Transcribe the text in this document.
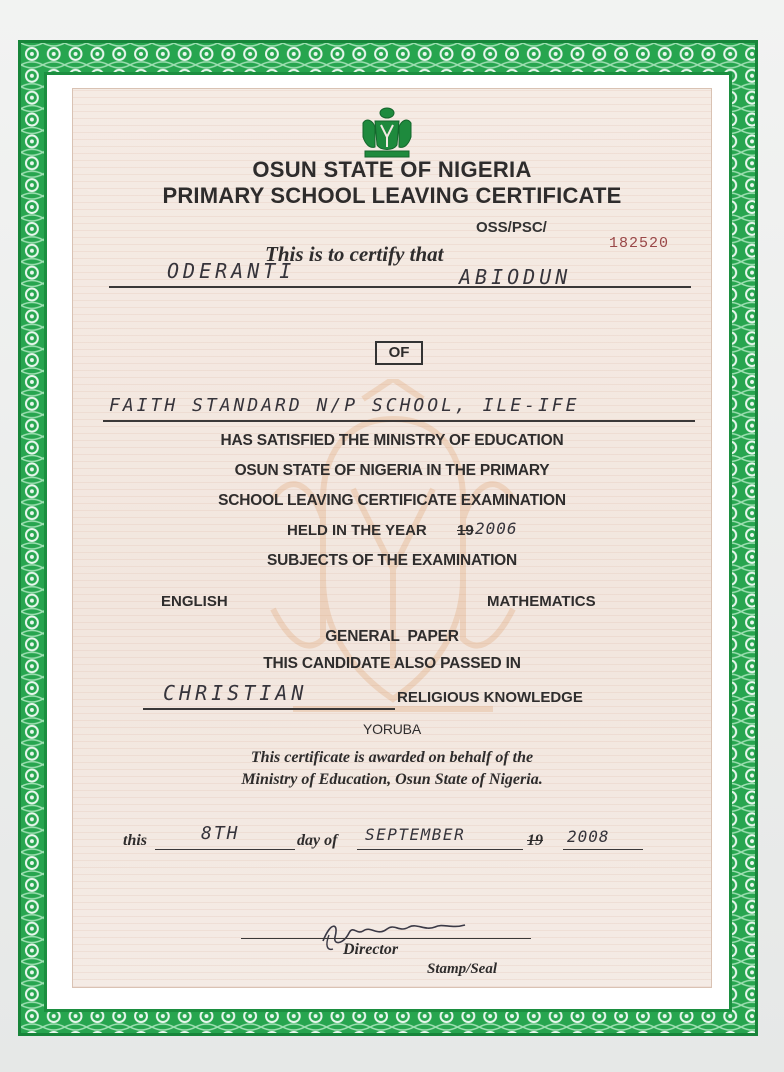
OSUN STATE OF NIGERIA

PRIMARY SCHOOL LEAVING CERTIFICATE

OSS/PSC/
182520
This is to certify that
ODERANTI	ABIODUN
OF
FAITH STANDARD N/P SCHOOL, ILE-IFE
HAS SATISFIED THE MINISTRY OF EDUCATION
OSUN STATE OF NIGERIA IN THE PRIMARY
SCHOOL LEAVING CERTIFICATE EXAMINATION
HELD IN THE YEAR 19 2006
SUBJECTS OF THE EXAMINATION
ENGLISH	MATHEMATICS
GENERAL  PAPER
THIS CANDIDATE ALSO PASSED IN
CHRISTIAN	RELIGIOUS KNOWLEDGE
YORUBA
This certificate is awarded on behalf of the
Ministry of Education, Osun State of Nigeria.
this	8TH	day of SEPTEMBER	19 2008
Director
Stamp/Seal
